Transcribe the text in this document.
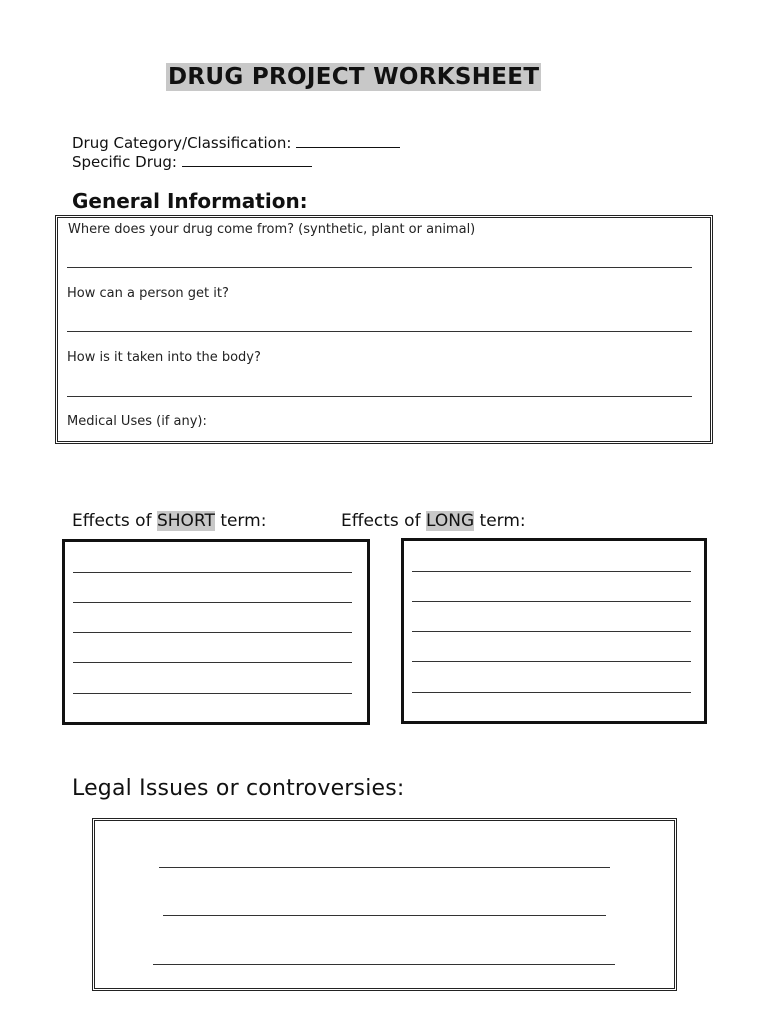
DRUG PROJECT WORKSHEET
Drug Category/Classification:
Specific Drug:
General Information:
Where does your drug come from? (synthetic, plant or animal)
How can a person get it?
How is it taken into the body?
Medical Uses (if any):
Effects of SHORT term:	Effects of LONG term:
Legal Issues or controversies:
